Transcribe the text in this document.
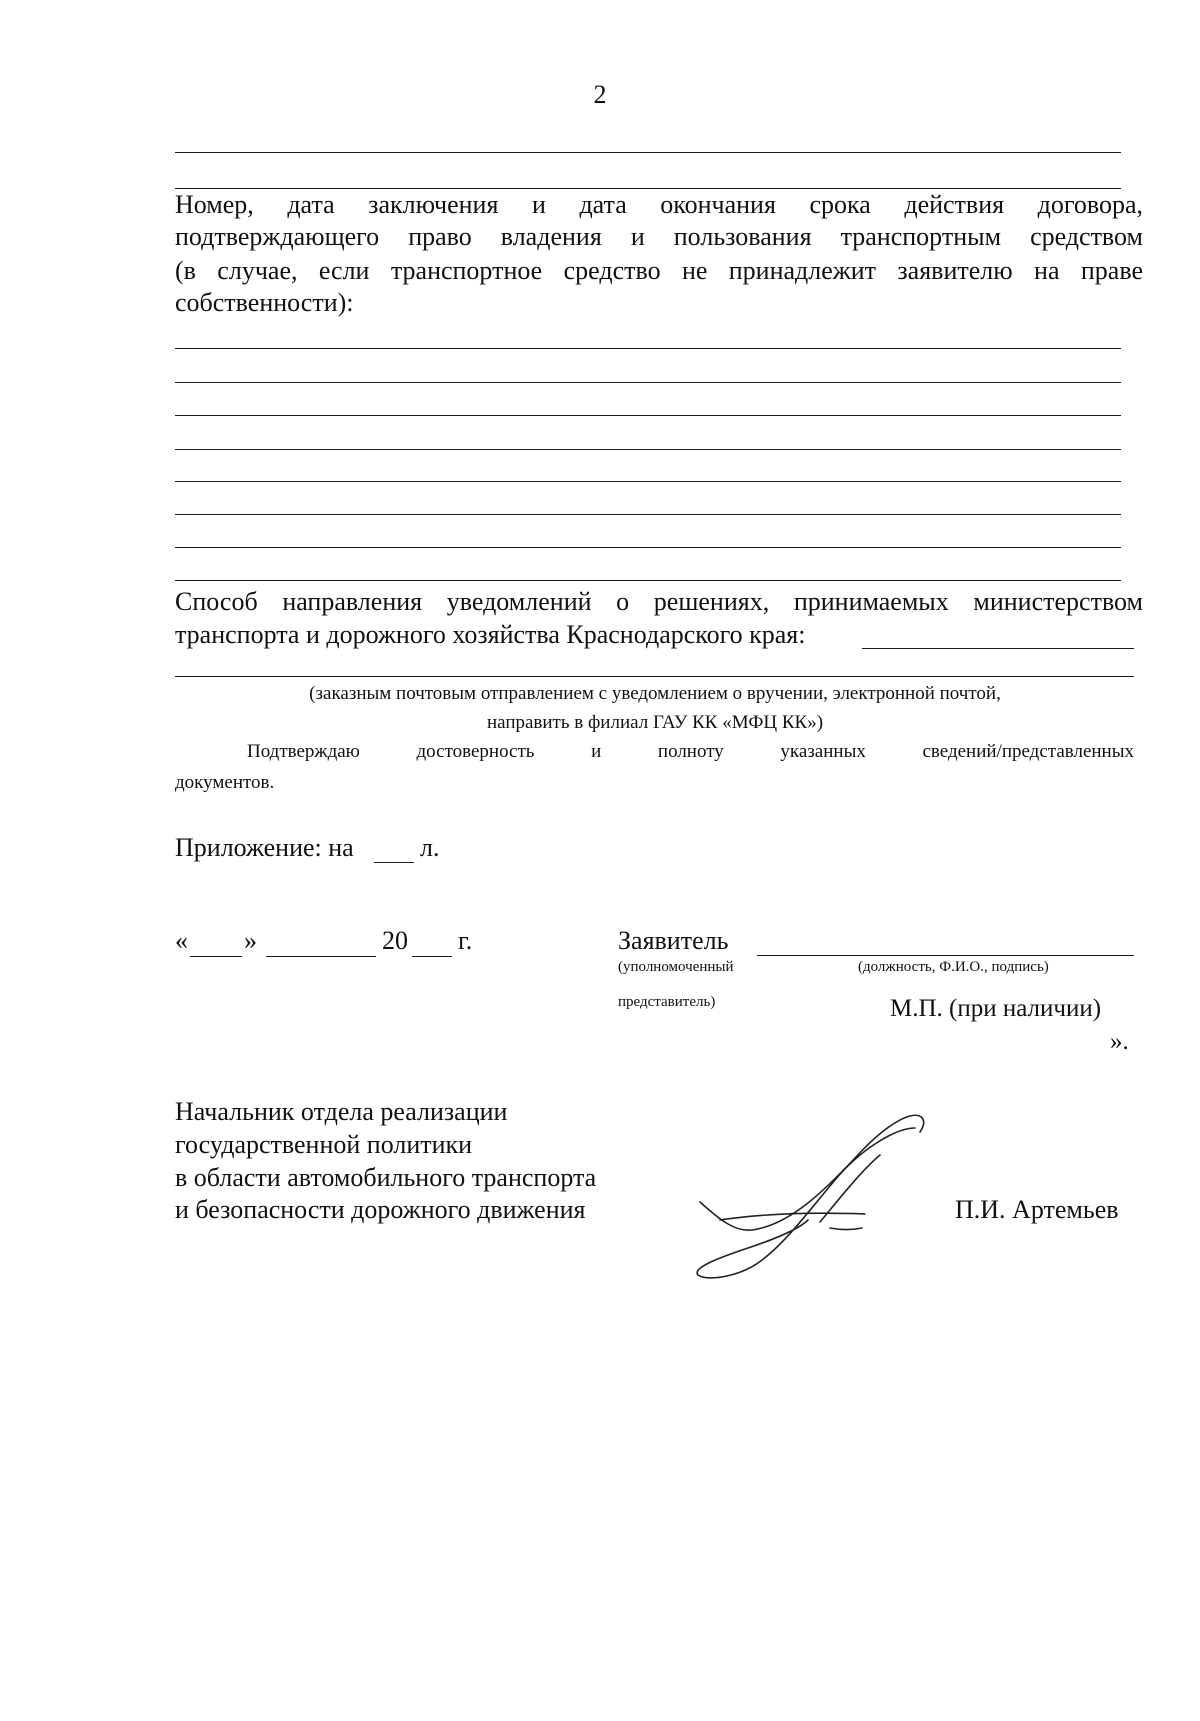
2
Номер, дата заключения и дата окончания срока действия договора,
подтверждающего право владения и пользования транспортным средством
(в случае, если транспортное средство не принадлежит заявителю на праве
собственности):
Способ направления уведомлений о решениях, принимаемых министерством
транспорта и дорожного хозяйства Краснодарского края:
(заказным почтовым отправлением с уведомлением о вручении, электронной почтой,
направить в филиал ГАУ КК «МФЦ КК»)
Подтверждаю достоверность и полноту указанных сведений/представленных
документов.
Приложение: на	л.
« »	20 г.	Заявитель
(уполномоченный	(должность, Ф.И.О., подпись)
представитель)	М.П. (при наличии)
».
Начальник отдела реализации
государственной политики
в области автомобильного транспорта
и безопасности дорожного движения	П.И. Артемьев
